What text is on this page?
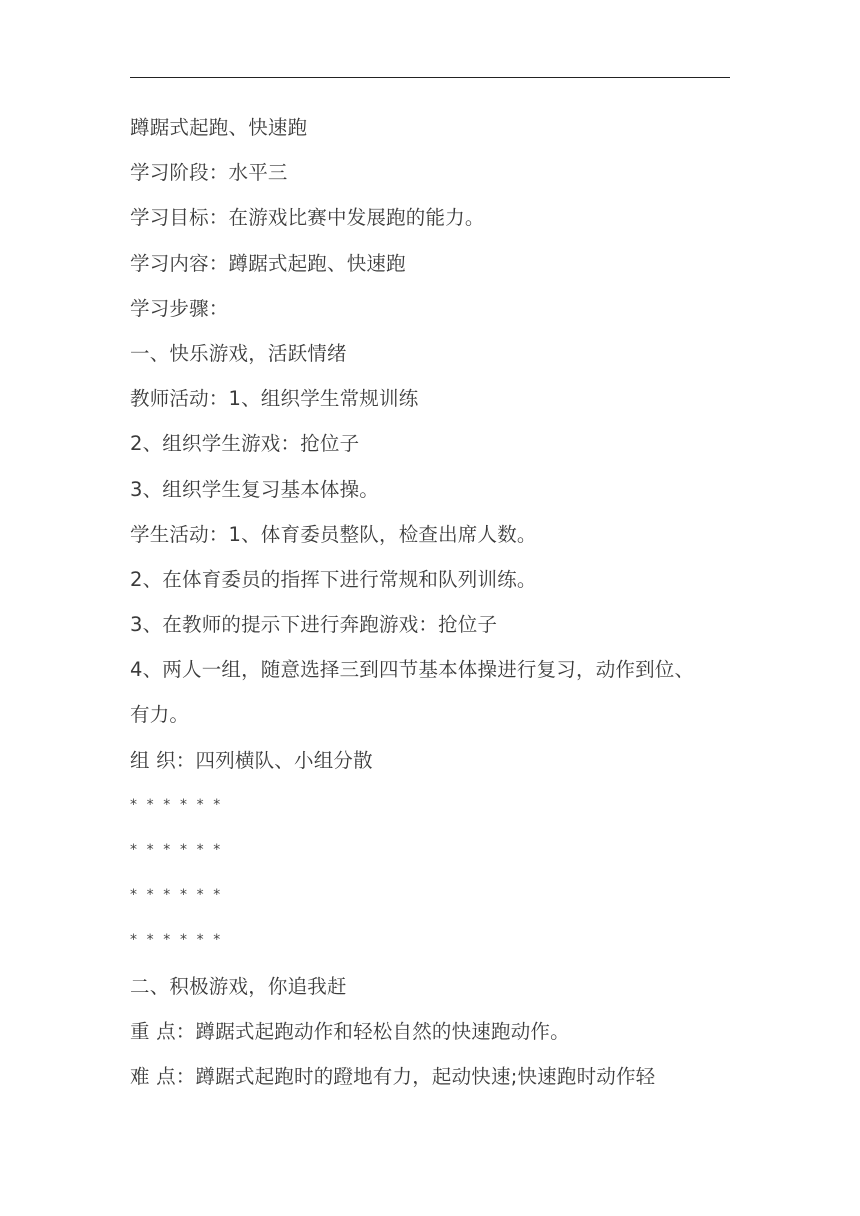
蹲踞式起跑、快速跑
学习阶段：水平三
学习目标：在游戏比赛中发展跑的能力。
学习内容：蹲踞式起跑、快速跑
学习步骤：
一、快乐游戏，活跃情绪
教师活动：1、组织学生常规训练
2、组织学生游戏：抢位子
3、组织学生复习基本体操。
学生活动：1、体育委员整队，检查出席人数。
2、在体育委员的指挥下进行常规和队列训练。
3、在教师的提示下进行奔跑游戏：抢位子
4、两人一组，随意选择三到四节基本体操进行复习，动作到位、
有力。
组 织：四列横队、小组分散
* * * * * *
* * * * * *
* * * * * *
* * * * * *
二、积极游戏，你追我赶
重 点：蹲踞式起跑动作和轻松自然的快速跑动作。
难 点：蹲踞式起跑时的蹬地有力，起动快速;快速跑时动作轻
